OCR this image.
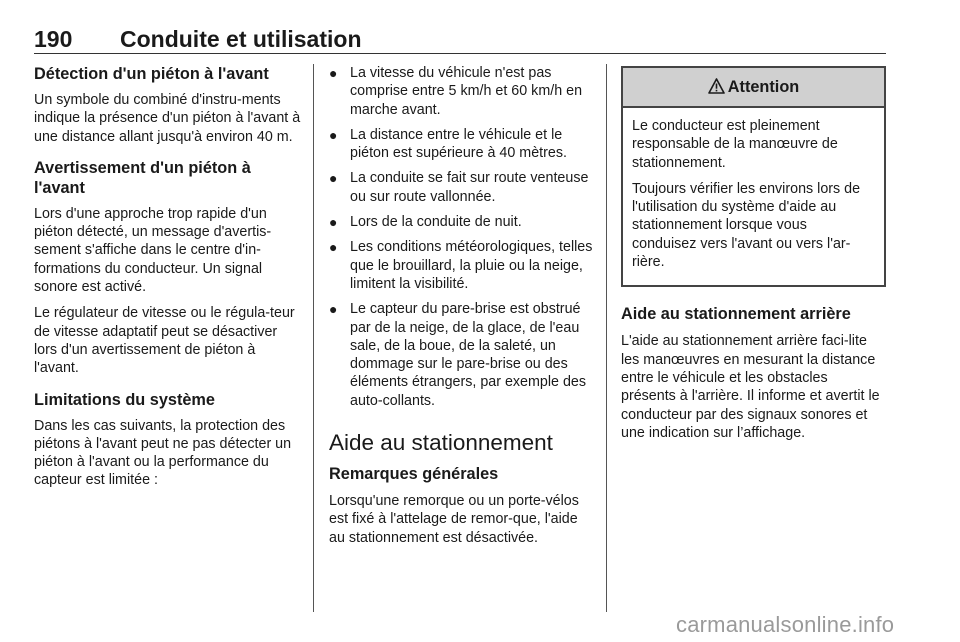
190 Conduite et utilisation
Détection d'un piéton à l'avant

Un symbole du combiné d'instru-ments indique la présence d'un piéton à l'avant à une distance allant jusqu'à environ 40 m.

Avertissement d'un piéton à l'avant

Lors d'une approche trop rapide d'un piéton détecté, un message d'avertis-sement s'affiche dans le centre d'in-formations du conducteur. Un signal sonore est activé.

Le régulateur de vitesse ou le régula-teur de vitesse adaptatif peut se désactiver lors d'un avertissement de piéton à l'avant.

Limitations du système

Dans les cas suivants, la protection des piétons à l'avant peut ne pas détecter un piéton à l'avant ou la performance du capteur est limitée :

● La vitesse du véhicule n'est pas comprise entre 5 km/h et 60 km/h en marche avant.
● La distance entre le véhicule et le piéton est supérieure à 40 mètres.
● La conduite se fait sur route venteuse ou sur route vallonnée.
● Lors de la conduite de nuit.
● Les conditions météorologiques, telles que le brouillard, la pluie ou la neige, limitent la visibilité.
● Le capteur du pare-brise est obstrué par de la neige, de la glace, de l'eau sale, de la boue, de la saleté, un dommage sur le pare-brise ou des éléments étrangers, par exemple des auto-collants.
Aide au stationnement
Remarques générales

Lorsqu'une remorque ou un porte-vélos est fixé à l'attelage de remor-que, l'aide au stationnement est désactivée.

Attention

Le conducteur est pleinement responsable de la manœuvre de stationnement.

Toujours vérifier les environs lors de l'utilisation du système d'aide au stationnement lorsque vous conduisez vers l'avant ou vers l'ar-rière.

Aide au stationnement arrière

L'aide au stationnement arrière faci-lite les manœuvres en mesurant la distance entre le véhicule et les obstacles présents à l'arrière. Il informe et avertit le conducteur par des signaux sonores et une indication sur l’affichage.

carmanualsonline.info
